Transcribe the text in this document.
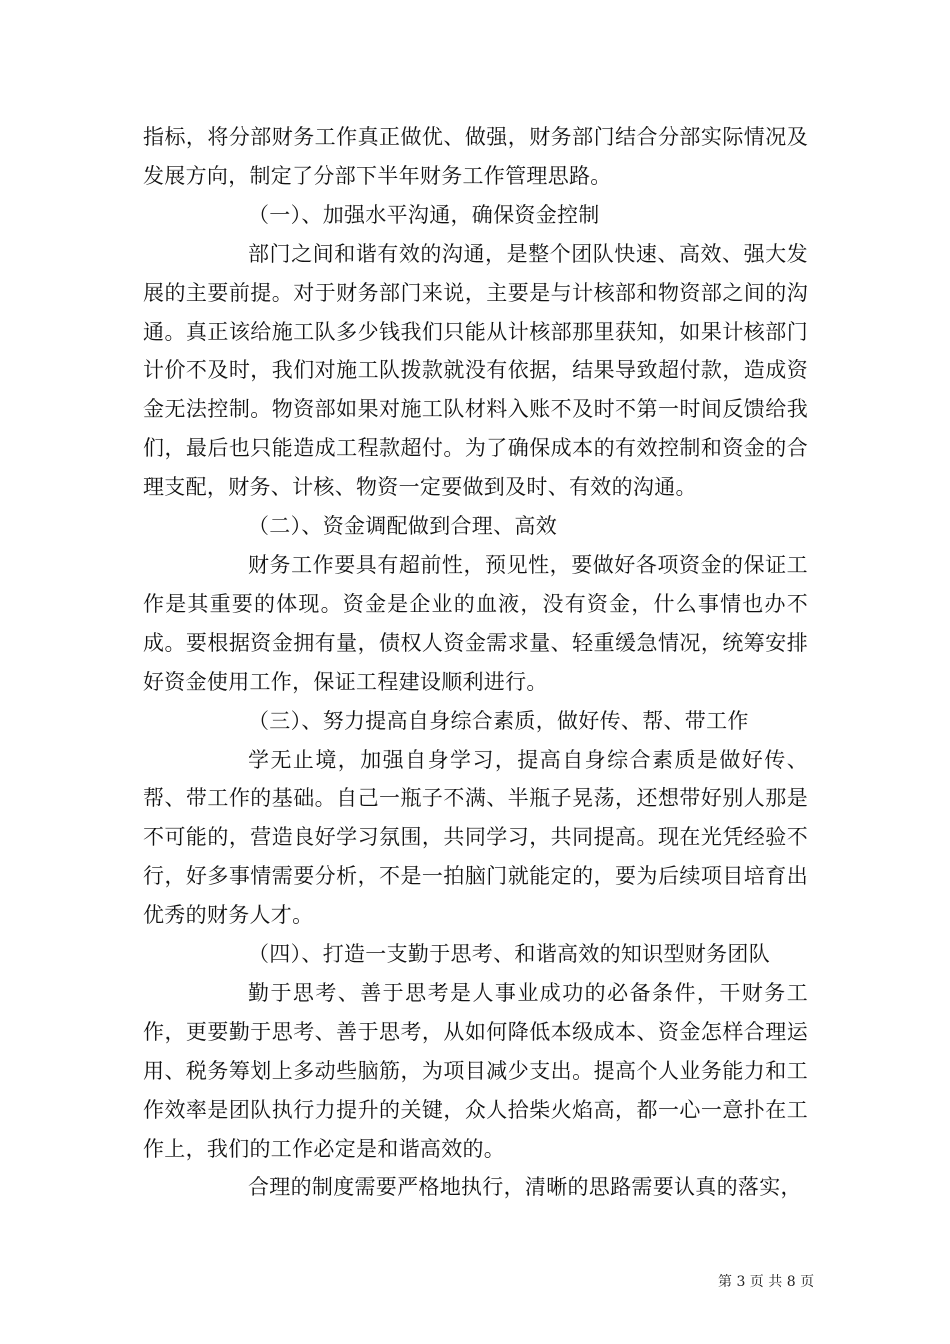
指标，将分部财务工作真正做优、做强，财务部门结合分部实际情况及发展方向，制定了分部下半年财务工作管理思路。

（一）、加强水平沟通，确保资金控制

部门之间和谐有效的沟通，是整个团队快速、高效、强大发展的主要前提。对于财务部门来说，主要是与计核部和物资部之间的沟通。真正该给施工队多少钱我们只能从计核部那里获知，如果计核部门计价不及时，我们对施工队拨款就没有依据，结果导致超付款，造成资金无法控制。物资部如果对施工队材料入账不及时不第一时间反馈给我们，最后也只能造成工程款超付。为了确保成本的有效控制和资金的合理支配，财务、计核、物资一定要做到及时、有效的沟通。

（二）、资金调配做到合理、高效

财务工作要具有超前性，预见性，要做好各项资金的保证工作是其重要的体现。资金是企业的血液，没有资金，什么事情也办不成。要根据资金拥有量，债权人资金需求量、轻重缓急情况，统筹安排好资金使用工作，保证工程建设顺利进行。

（三）、努力提高自身综合素质，做好传、帮、带工作

学无止境，加强自身学习，提高自身综合素质是做好传、帮、带工作的基础。自己一瓶子不满、半瓶子晃荡，还想带好别人那是不可能的，营造良好学习氛围，共同学习，共同提高。现在光凭经验不行，好多事情需要分析，不是一拍脑门就能定的，要为后续项目培育出优秀的财务人才。

（四）、打造一支勤于思考、和谐高效的知识型财务团队

勤于思考、善于思考是人事业成功的必备条件，干财务工作，更要勤于思考、善于思考，从如何降低本级成本、资金怎样合理运用、税务筹划上多动些脑筋，为项目减少支出。提高个人业务能力和工作效率是团队执行力提升的关键，众人拾柴火焰高，都一心一意扑在工作上，我们的工作必定是和谐高效的。

合理的制度需要严格地执行，清晰的思路需要认真的落实，

第 3 页 共 8 页
